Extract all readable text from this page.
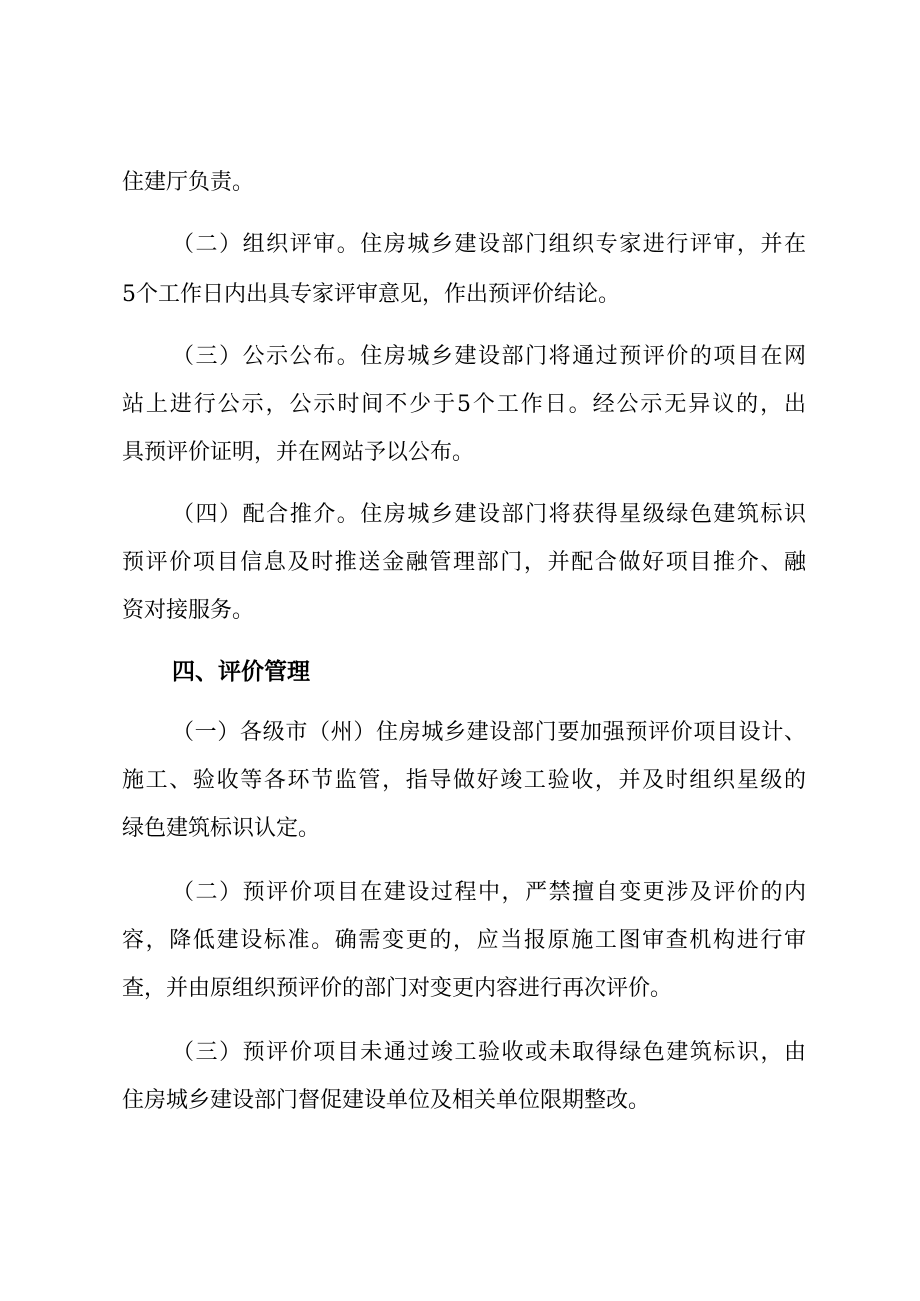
住建厅负责。
（二）组织评审。住房城乡建设部门组织专家进行评审，并在
5个工作日内出具专家评审意见，作出预评价结论。
（三）公示公布。住房城乡建设部门将通过预评价的项目在网
站上进行公示，公示时间不少于5个工作日。经公示无异议的，出
具预评价证明，并在网站予以公布。
（四）配合推介。住房城乡建设部门将获得星级绿色建筑标识
预评价项目信息及时推送金融管理部门，并配合做好项目推介、融
资对接服务。
四、评价管理
（一）各级市（州）住房城乡建设部门要加强预评价项目设计、
施工、验收等各环节监管，指导做好竣工验收，并及时组织星级的
绿色建筑标识认定。
（二）预评价项目在建设过程中，严禁擅自变更涉及评价的内
容，降低建设标准。确需变更的，应当报原施工图审查机构进行审
查，并由原组织预评价的部门对变更内容进行再次评价。
（三）预评价项目未通过竣工验收或未取得绿色建筑标识，由
住房城乡建设部门督促建设单位及相关单位限期整改。
